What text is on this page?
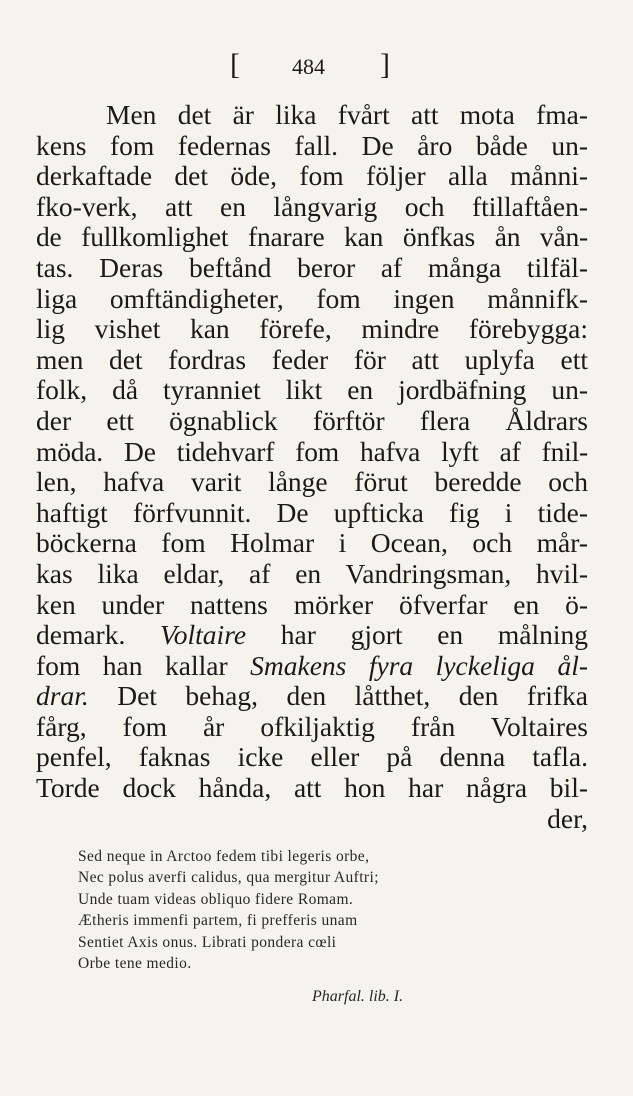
[ 484 ]
Men det är lika fvårt att mota fma-
kens fom federnas fall. De åro både un-
derkaftade det öde, fom följer alla månni-
fko-verk, att en långvarig och ftillaftåen-
de fullkomlighet fnarare kan önfkas ån vån-
tas. Deras beftånd beror af många tilfäl-
liga omftändigheter, fom ingen månnifk-
lig vishet kan förefe, mindre förebygga:
men det fordras feder för att uplyfa ett
folk, då tyranniet likt en jordbäfning un-
der ett ögnablick förftör flera Åldrars
möda. De tidehvarf fom hafva lyft af fnil-
len, hafva varit långe förut beredde och
haftigt förfvunnit. De upfticka fig i tide-
böckerna fom Holmar i Ocean, och mår-
kas lika eldar, af en Vandringsman, hvil-
ken under nattens mörker öfverfar en ö-
demark. Voltaire har gjort en målning
fom han kallar Smakens fyra lyckeliga ål-
drar. Det behag, den låtthet, den frifka
fårg, fom år ofkiljaktig från Voltaires
penfel, faknas icke eller på denna tafla.
Torde dock hånda, att hon har några bil-
der,
Sed neque in Arctoo fedem tibi legeris orbe,
Nec polus averfi calidus, qua mergitur Auftri;
Unde tuam videas obliquo fidere Romam.
Ætheris immenfi partem, fi prefferis unam
Sentiet Axis onus. Librati pondera cœli
Orbe tene medio.
Pharfal. lib. I.
